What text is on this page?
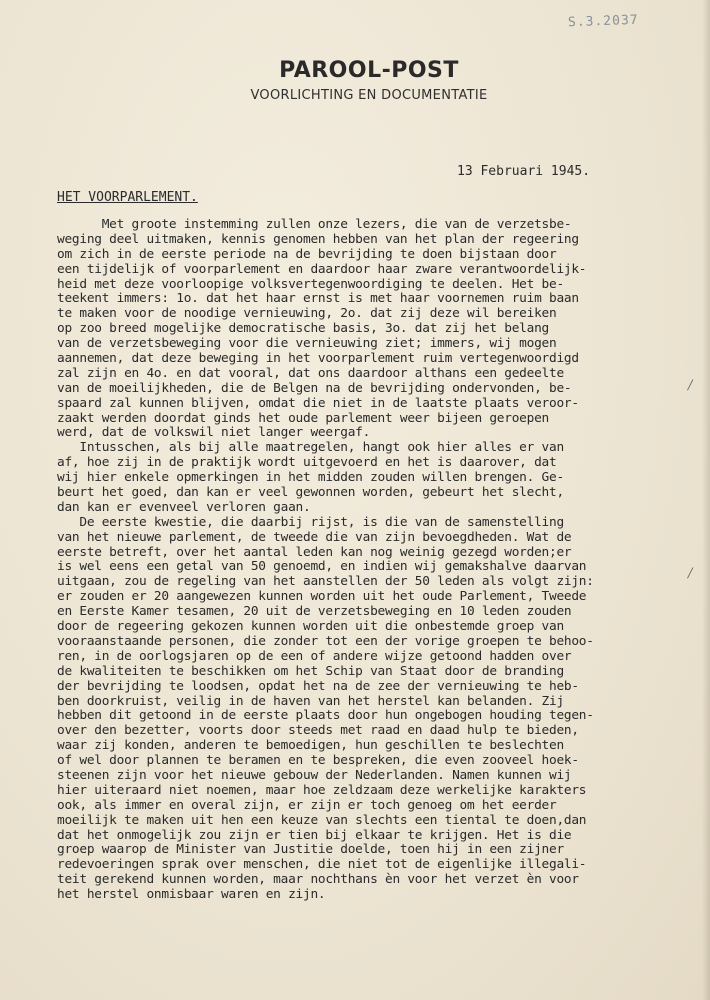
S.3.2037
PAROOL-POST
VOORLICHTING EN DOCUMENTATIE
13 Februari 1945.
HET VOORPARLEMENT.
Met groote instemming zullen onze lezers, die van de verzetsbe-
weging deel uitmaken, kennis genomen hebben van het plan der regeering
om zich in de eerste periode na de bevrijding te doen bijstaan door
een tijdelijk of voorparlement en daardoor haar zware verantwoordelijk-
heid met deze voorloopige volksvertegenwoordiging te deelen. Het be-
teekent immers: 1o. dat het haar ernst is met haar voornemen ruim baan
te maken voor de noodige vernieuwing, 2o. dat zij deze wil bereiken
op zoo breed mogelijke democratische basis, 3o. dat zij het belang
van de verzetsbeweging voor die vernieuwing ziet; immers, wij mogen
aannemen, dat deze beweging in het voorparlement ruim vertegenwoordigd
zal zijn en 4o. en dat vooral, dat ons daardoor althans een gedeelte
van de moeilijkheden, die de Belgen na de bevrijding ondervonden, be-
spaard zal kunnen blijven, omdat die niet in de laatste plaats veroor-
zaakt werden doordat ginds het oude parlement weer bijeen geroepen
werd, dat de volkswil niet langer weergaf.
Intusschen, als bij alle maatregelen, hangt ook hier alles er van
af, hoe zij in de praktijk wordt uitgevoerd en het is daarover, dat
wij hier enkele opmerkingen in het midden zouden willen brengen. Ge-
beurt het goed, dan kan er veel gewonnen worden, gebeurt het slecht,
dan kan er evenveel verloren gaan.
De eerste kwestie, die daarbij rijst, is die van de samenstelling
van het nieuwe parlement, de tweede die van zijn bevoegdheden. Wat de
eerste betreft, over het aantal leden kan nog weinig gezegd worden;er
is wel eens een getal van 50 genoemd, en indien wij gemakshalve daarvan
uitgaan, zou de regeling van het aanstellen der 50 leden als volgt zijn:
er zouden er 20 aangewezen kunnen worden uit het oude Parlement, Tweede
en Eerste Kamer tesamen, 20 uit de verzetsbeweging en 10 leden zouden
door de regeering gekozen kunnen worden uit die onbestemde groep van
vooraanstaande personen, die zonder tot een der vorige groepen te behoo-
ren, in de oorlogsjaren op de een of andere wijze getoond hadden over
de kwaliteiten te beschikken om het Schip van Staat door de branding
der bevrijding te loodsen, opdat het na de zee der vernieuwing te heb-
ben doorkruist, veilig in de haven van het herstel kan belanden. Zij
hebben dit getoond in de eerste plaats door hun ongebogen houding tegen-
over den bezetter, voorts door steeds met raad en daad hulp te bieden,
waar zij konden, anderen te bemoedigen, hun geschillen te beslechten
of wel door plannen te beramen en te bespreken, die even zooveel hoek-
steenen zijn voor het nieuwe gebouw der Nederlanden. Namen kunnen wij
hier uiteraard niet noemen, maar hoe zeldzaam deze werkelijke karakters
ook, als immer en overal zijn, er zijn er toch genoeg om het eerder
moeilijk te maken uit hen een keuze van slechts een tiental te doen,dan
dat het onmogelijk zou zijn er tien bij elkaar te krijgen. Het is die
groep waarop de Minister van Justitie doelde, toen hij in een zijner
redevoeringen sprak over menschen, die niet tot de eigenlijke illegali-
teit gerekend kunnen worden, maar nochthans èn voor het verzet èn voor
het herstel onmisbaar waren en zijn.
/
/
